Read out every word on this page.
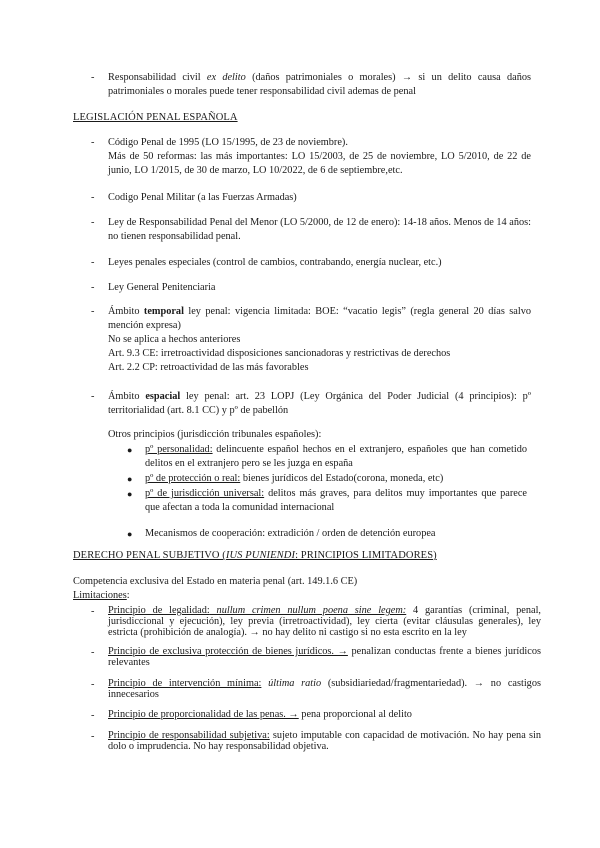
- Responsabilidad civil ex delito (daños patrimoniales o morales) → si un delito causa daños patrimoniales o morales puede tener responsabilidad civil ademas de penal
LEGISLACIÓN PENAL ESPAÑOLA
- Código Penal de 1995 (LO 15/1995, de 23 de noviembre).

Más de 50 reformas: las más importantes: LO 15/2003, de 25 de noviembre, LO 5/2010, de 22 de junio, LO 1/2015, de 30 de marzo, LO 10/2022, de 6 de septiembre,etc.

- Codigo Penal Militar (a las Fuerzas Armadas)
- Ley de Responsabilidad Penal del Menor (LO 5/2000, de 12 de enero): 14-18 años. Menos de 14 años: no tienen responsabilidad penal.
- Leyes penales especiales (control de cambios, contrabando, energía nuclear, etc.)
- Ley General Penitenciaria
- Ámbito temporal ley penal: vigencia limitada: BOE: “vacatio legis” (regla general 20 días salvo mención expresa)

No se aplica a hechos anteriores

Art. 9.3 CE: irretroactividad disposiciones sancionadoras y restrictivas de derechos

Art. 2.2 CP: retroactividad de las más favorables

- Ámbito espacial ley penal: art. 23 LOPJ (Ley Orgánica del Poder Judicial (4 principios): pº territorialidad (art. 8.1 CC) y pº de pabellón
Otros principios (jurisdicción tribunales españoles):
● pº personalidad: delincuente español hechos en el extranjero, españoles que han cometido delitos en el extranjero pero se les juzga en españa
● pº de protección o real: bienes jurídicos del Estado(corona, moneda, etc)
● pº de jurisdicción universal: delitos más graves, para delitos muy importantes que parece que afectan a toda la comunidad internacional
● Mecanismos de cooperación: extradición / orden de detención europea
DERECHO PENAL SUBJETIVO (IUS PUNIENDI: PRINCIPIOS LIMITADORES)
Competencia exclusiva del Estado en materia penal (art. 149.1.6 CE)
Limitaciones:
- Principio de legalidad: nullum crimen nullum poena sine legem: 4 garantías (criminal, penal, jurisdiccional y ejecución), ley previa (irretroactividad), ley cierta (evitar cláusulas generales), ley estricta (prohibición de analogía). → no hay delito ni castigo si no esta escrito en la ley
- Principio de exclusiva protección de bienes jurídicos. → penalizan conductas frente a bienes jurídicos relevantes
- Principio de intervención mínima: última ratio (subsidiariedad/fragmentariedad). → no castigos innecesarios
- Principio de proporcionalidad de las penas. → pena proporcional al delito
- Principio de responsabilidad subjetiva: sujeto imputable con capacidad de motivación. No hay pena sin dolo o imprudencia. No hay responsabilidad objetiva.
